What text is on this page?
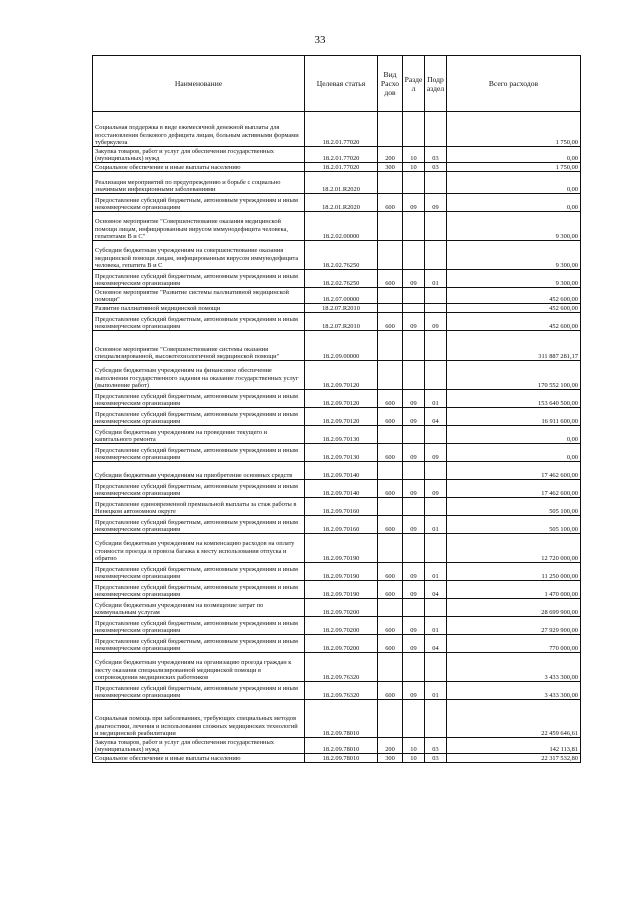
33
Наименование	Целевая статья	Вид Расхо дов	Разде л	Подр аздел	Всего расходов
Социальная поддержка в виде ежемесячной денежной выплаты для восстановления белкового дефицита лицам, больным активными формами туберкулеза	18.2.01.77020				1 750,00
Закупка товаров, работ и услуг для обеспечения государственных (муниципальных) нужд	18.2.01.77020	200	10	03	0,00
Социальное обеспечение и иные выплаты населению	18.2.01.77020	300	10	03	1 750,00
Реализация мероприятий по предупреждению и борьбе с социально значимыми инфекционными заболеваниями	18.2.01.R2020				0,00
Предоставление субсидий бюджетным, автономным учреждениям и иным некоммерческим организациям	18.2.01.R2020	600	09	09	0,00
Основное мероприятие "Совершенствование оказания медицинской помощи лицам, инфицированным вирусом иммунодефицита человека, гепатитами В и С"	18.2.02.00000				9 300,00
Субсидии бюджетным учреждениям на совершенствование оказания медицинской помощи лицам, инфицированным вирусом иммунодефицита человека, гепатита В и С	18.2.02.76250				9 300,00
Предоставление субсидий бюджетным, автономным учреждениям и иным некоммерческим организациям	18.2.02.76250	600	09	01	9 300,00
Основное мероприятие "Развитие системы паллиативной медицинской помощи"	18.2.07.00000				452 600,00
Развитие паллиативной медицинской помощи	18.2.07.R2010				452 600,00
Предоставление субсидий бюджетным, автономным учреждениям и иным некоммерческим организациям	18.2.07.R2010	600	09	09	452 600,00
Основное мероприятие "Совершенствование системы оказания специализированной, высокотехнологичной медицинской помощи"	18.2.09.00000				311 887 281,17
Субсидии бюджетным учреждениям на финансовое обеспечение выполнения государственного задания на оказание государственных услуг (выполнение работ)	18.2.09.70120				170 552 100,00
Предоставление субсидий бюджетным, автономным учреждениям и иным некоммерческим организациям	18.2.09.70120	600	09	01	153 640 500,00
Предоставление субсидий бюджетным, автономным учреждениям и иным некоммерческим организациям	18.2.09.70120	600	09	04	16 911 600,00
Субсидии бюджетным учреждениям на проведение текущего и капитального ремонта	18.2.09.70130				0,00
Предоставление субсидий бюджетным, автономным учреждениям и иным некоммерческим организациям	18.2.09.70130	600	09	09	0,00
Субсидии бюджетным учреждениям на приобретение основных средств	18.2.09.70140				17 462 600,00
Предоставление субсидий бюджетным, автономным учреждениям и иным некоммерческим организациям	18.2.09.70140	600	09	09	17 462 600,00
Предоставление единовременной премиальной выплаты за стаж работы в Ненецком автономном округе	18.2.09.70160				505 100,00
Предоставление субсидий бюджетным, автономным учреждениям и иным некоммерческим организациям	18.2.09.70160	600	09	01	505 100,00
Субсидии бюджетным учреждениям на компенсацию расходов на оплату стоимости проезда и провоза багажа к месту использования отпуска и обратно	18.2.09.70190				12 720 000,00
Предоставление субсидий бюджетным, автономным учреждениям и иным некоммерческим организациям	18.2.09.70190	600	09	01	11 250 000,00
Предоставление субсидий бюджетным, автономным учреждениям и иным некоммерческим организациям	18.2.09.70190	600	09	04	1 470 000,00
Субсидии бюджетным учреждениям на возмещение затрат по коммунальным услугам	18.2.09.70200				28 699 900,00
Предоставление субсидий бюджетным, автономным учреждениям и иным некоммерческим организациям	18.2.09.70200	600	09	01	27 929 900,00
Предоставление субсидий бюджетным, автономным учреждениям и иным некоммерческим организациям	18.2.09.70200	600	09	04	770 000,00
Субсидии бюджетным учреждениям на организацию проезда граждан к месту оказания специализированной медицинской помощи в сопровождении медицинских работников	18.2.09.76320				3 433 300,00
Предоставление субсидий бюджетным, автономным учреждениям и иным некоммерческим организациям	18.2.09.76320	600	09	01	3 433 300,00
Социальная помощь при заболеваниях, требующих специальных методов диагностики, лечения и использования сложных медицинских технологий и медицинской реабилитации	18.2.09.78010				22 459 646,61
Закупка товаров, работ и услуг для обеспечения государственных (муниципальных) нужд	18.2.09.78010	200	10	03	142 113,81
Социальное обеспечение и иные выплаты населению	18.2.09.78010	300	10	03	22 317 532,80
